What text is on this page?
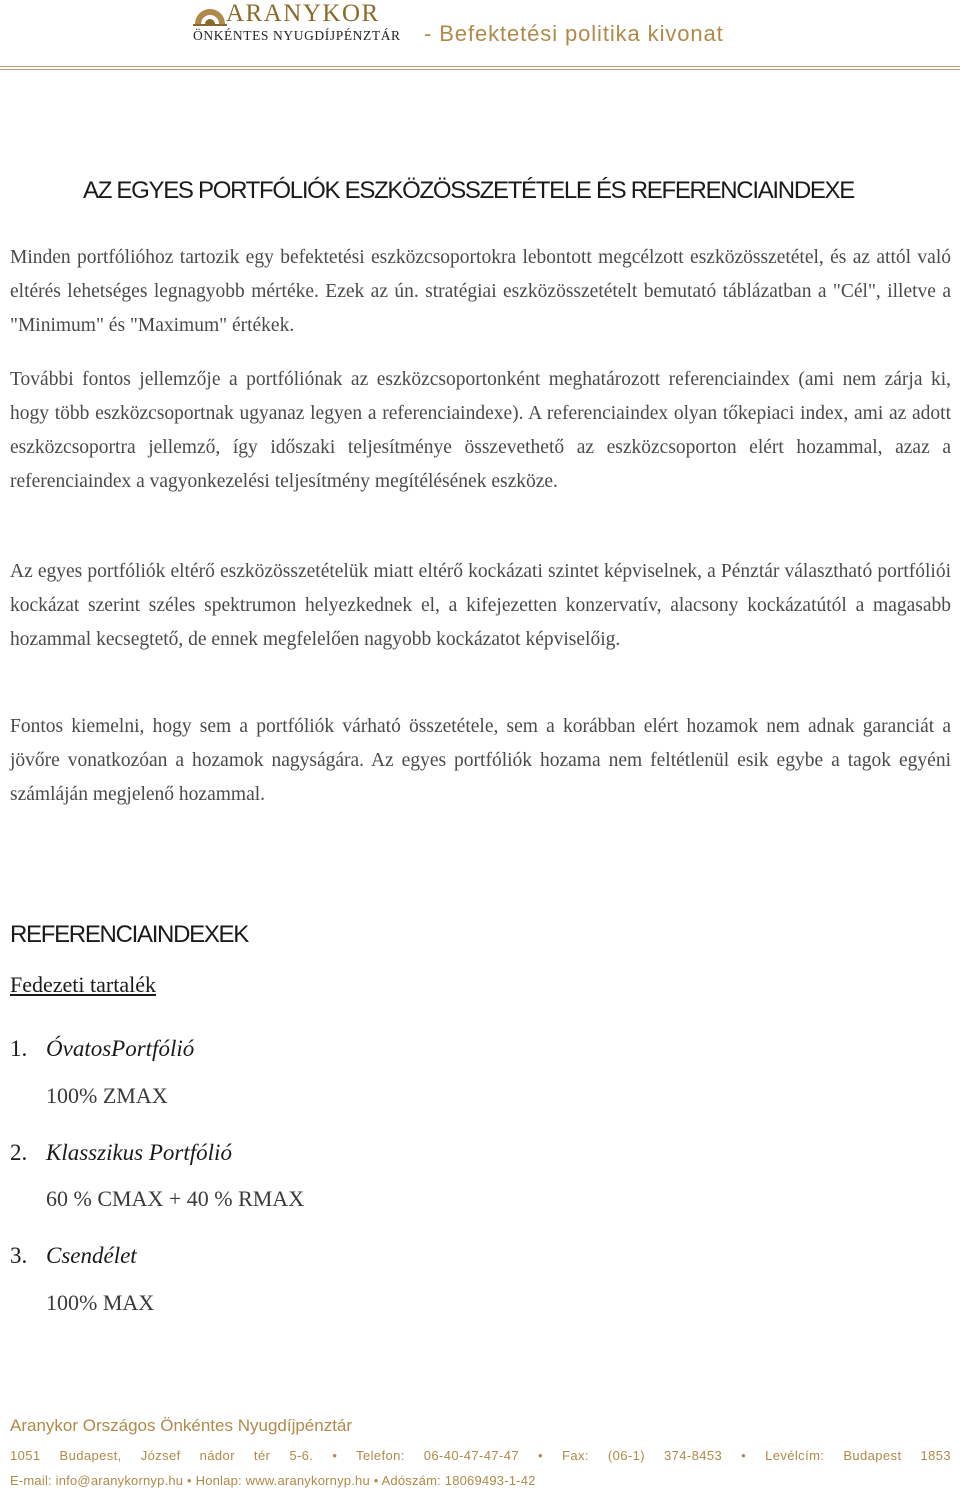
ARANYKOR
ÖNKÉNTES NYUGDÍJPÉNZTÁR - Befektetési politika kivonat
AZ EGYES PORTFÓLIÓK ESZKÖZÖSSZETÉTELE ÉS REFERENCIAINDEXE
Minden portfólióhoz tartozik egy befektetési eszközcsoportokra lebontott megcélzott eszközösszetétel, és az attól való eltérés lehetséges legnagyobb mértéke. Ezek az ún. stratégiai eszközösszetételt bemutató táblázatban a "Cél", illetve a "Minimum" és "Maximum" értékek.
További fontos jellemzője a portfóliónak az eszközcsoportonként meghatározott referenciaindex (ami nem zárja ki, hogy több eszközcsoportnak ugyanaz legyen a referenciaindexe). A referenciaindex olyan tőkepiaci index, ami az adott eszközcsoportra jellemző, így időszaki teljesítménye összevethető az eszközcsoporton elért hozammal, azaz a referenciaindex a vagyonkezelési teljesítmény megítélésének eszköze.
Az egyes portfóliók eltérő eszközösszetételük miatt eltérő kockázati szintet képviselnek, a Pénztár választható portfóliói kockázat szerint széles spektrumon helyezkednek el, a kifejezetten konzervatív, alacsony kockázatútól a magasabb hozammal kecsegtető, de ennek megfelelően nagyobb kockázatot képviselőig.
Fontos kiemelni, hogy sem a portfóliók várható összetétele, sem a korábban elért hozamok nem adnak garanciát a jövőre vonatkozóan a hozamok nagyságára. Az egyes portfóliók hozama nem feltétlenül esik egybe a tagok egyéni számláján megjelenő hozammal.
REFERENCIAINDEXEK
Fedezeti tartalék
1. ÓvatosPortfólió
100% ZMAX
2. Klasszikus Portfólió
60 % CMAX + 40 % RMAX
3. Csendélet
100% MAX
Aranykor Országos Önkéntes Nyugdíjpénztár
1051 Budapest, József nádor tér 5-6. • Telefon: 06-40-47-47-47 • Fax: (06-1) 374-8453 • Levélcím: Budapest 1853
E-mail: info@aranykornyp.hu • Honlap: www.aranykornyp.hu • Adószám: 18069493-1-42
